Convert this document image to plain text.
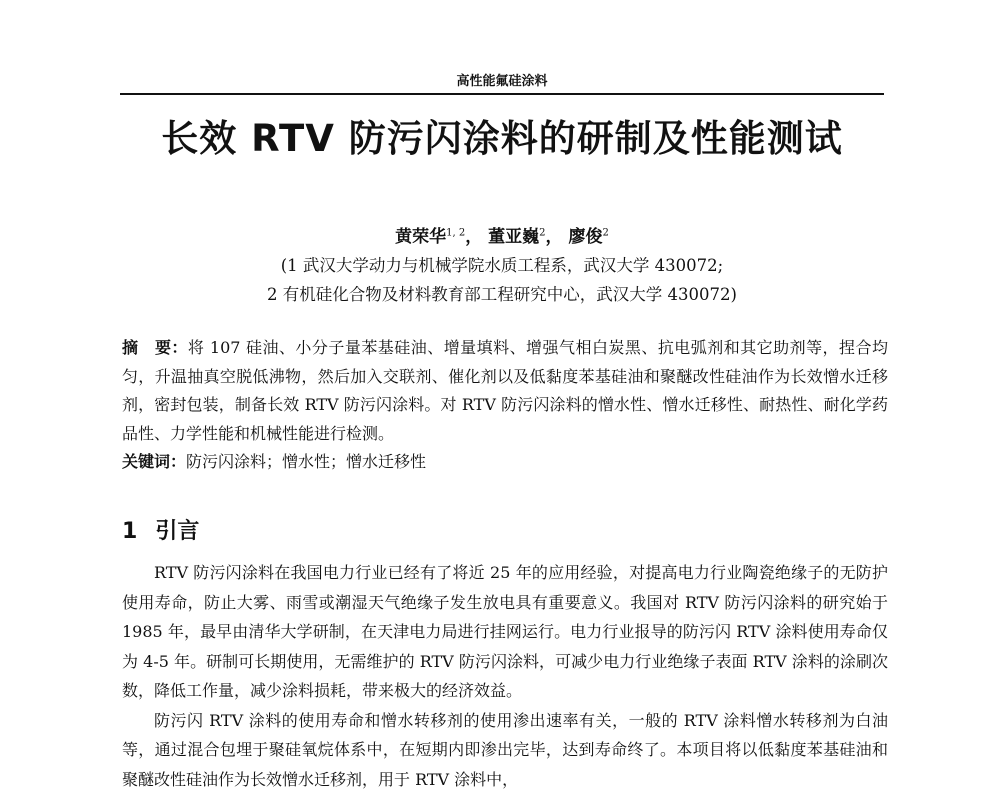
高性能氟硅涂料
长效 RTV 防污闪涂料的研制及性能测试
黄荣华$^{1, 2}$， 董亚巍$^2$， 廖俊$^2$
(1 武汉大学动力与机械学院水质工程系，武汉大学 430072;
2 有机硅化合物及材料教育部工程研究中心，武汉大学 430072)
摘　要：将 107 硅油、小分子量苯基硅油、增量填料、增强气相白炭黑、抗电弧剂和其它助剂等，捏合均匀，升温抽真空脱低沸物，然后加入交联剂、催化剂以及低黏度苯基硅油和聚醚改性硅油作为长效憎水迁移剂，密封包装，制备长效 RTV 防污闪涂料。对 RTV 防污闪涂料的憎水性、憎水迁移性、耐热性、耐化学药品性、力学性能和机械性能进行检测。
关键词：防污闪涂料；憎水性；憎水迁移性
1 引言

RTV 防污闪涂料在我国电力行业已经有了将近 25 年的应用经验，对提高电力行业陶瓷绝缘子的无防护使用寿命，防止大雾、雨雪或潮湿天气绝缘子发生放电具有重要意义。我国对 RTV 防污闪涂料的研究始于 1985 年，最早由清华大学研制，在天津电力局进行挂网运行。电力行业报导的防污闪 RTV 涂料使用寿命仅为 4-5 年。研制可长期使用，无需维护的 RTV 防污闪涂料，可减少电力行业绝缘子表面 RTV 涂料的涂刷次数，降低工作量，减少涂料损耗，带来极大的经济效益。

防污闪 RTV 涂料的使用寿命和憎水转移剂的使用渗出速率有关，一般的 RTV 涂料憎水转移剂为白油等，通过混合包埋于聚硅氧烷体系中，在短期内即渗出完毕，达到寿命终了。本项目将以低黏度苯基硅油和聚醚改性硅油作为长效憎水迁移剂，用于 RTV 涂料中，
